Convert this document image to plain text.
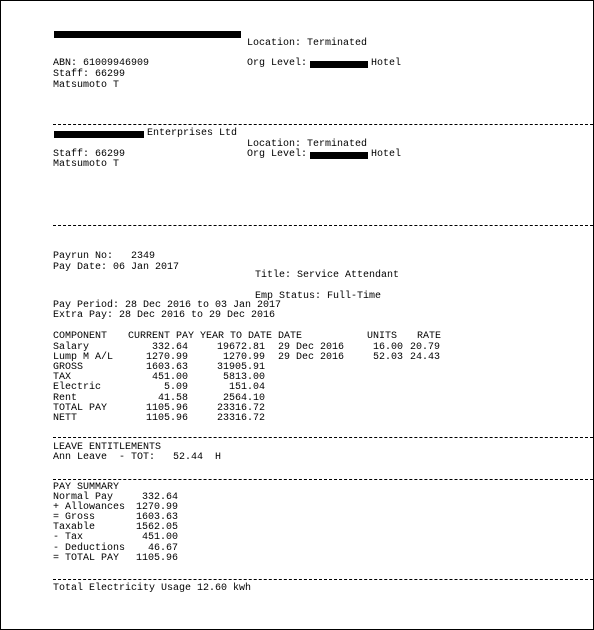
Location: Terminated
ABN: 61009946909	Org Level:	Hotel
Staff: 66299
Matsumoto T
Enterprises Ltd
Location: Terminated
Staff: 66299	Org Level:	Hotel
Matsumoto T
Payrun No:   2349
Pay Date: 06 Jan 2017
Title: Service Attendant
Emp Status: Full-Time
Pay Period: 28 Dec 2016 to 03 Jan 2017
Extra Pay: 28 Dec 2016 to 29 Dec 2016
COMPONENT CURRENT PAY YEAR TO DATE DATE	UNITS RATE
Salary	332.64	19672.81 29 Dec 2016	16.00 20.79
Lump M A/L	1270.99	1270.99 29 Dec 2016	52.03 24.43
GROSS	1603.63	31905.91
TAX	451.00	5813.00
Electric	5.09	151.04
Rent	41.58	2564.10
TOTAL PAY	1105.96	23316.72
NETT	1105.96	23316.72
LEAVE ENTITLEMENTS
Ann Leave  - TOT:   52.44  H
PAY SUMMARY
Normal Pay	332.64
+ Allowances 1270.99
= Gross	1603.63
Taxable	1562.05
- Tax	451.00
- Deductions 46.67
= TOTAL PAY 1105.96
Total Electricity Usage 12.60 kwh
